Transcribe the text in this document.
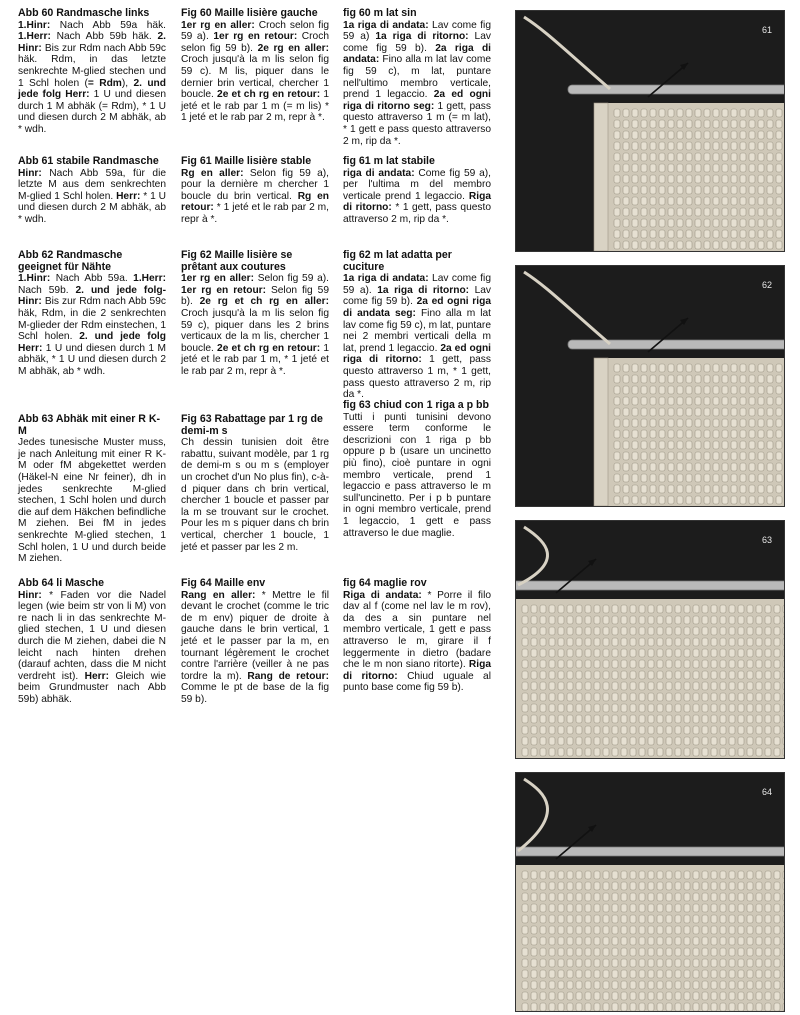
Abb 60 Randmasche links

1.Hinr: Nach Abb 59a häk. 1.Herr: Nach Abb 59b häk. 2. Hinr: Bis zur Rdm nach Abb 59c häk. Rdm, in das letzte senkrechte M-glied stechen und 1 Schl holen (= Rdm), 2. und jede folg Herr: 1 U und diesen durch 1 M abhäk (= Rdm), * 1 U und diesen durch 2 M abhäk, ab * wdh.

Abb 61 stabile Randmasche

Hinr: Nach Abb 59a, für die letzte M aus dem senkrechten M-glied 1 Schl holen. Herr: * 1 U und diesen durch 2 M abhäk, ab * wdh.

Abb 62 Randmasche geeignet für Nähte

1.Hinr: Nach Abb 59a. 1.Herr: Nach 59b. 2. und jede folg-Hinr: Bis zur Rdm nach Abb 59c häk, Rdm, in die 2 senkrechten M-glieder der Rdm einstechen, 1 Schl holen. 2. und jede folg Herr: 1 U und diesen durch 1 M abhäk, * 1 U und diesen durch 2 M abhäk, ab * wdh.

Abb 63 Abhäk mit einer R K-M

Jedes tunesische Muster muss, je nach Anleitung mit einer R K-M oder fM abgekettet werden (Häkel-N eine Nr feiner), dh in jedes senkrechte M-glied stechen, 1 Schl holen und durch die auf dem Häkchen befindliche M ziehen. Bei fM in jedes senkrechte M-glied stechen, 1 Schl holen, 1 U und durch beide M ziehen.

Abb 64 li Masche

Hinr: * Faden vor die Nadel legen (wie beim str von li M) von re nach li in das senkrechte M-glied stechen, 1 U und diesen durch die M ziehen, dabei die N leicht nach hinten drehen (darauf achten, dass die M nicht verdreht ist). Herr: Gleich wie beim Grundmuster nach Abb 59b) abhäk.

Fig 60 Maille lisière gauche

1er rg en aller: Croch selon fig 59 a). 1er rg en retour: Croch selon fig 59 b). 2e rg en aller: Croch jusqu'à la m lis selon fig 59 c). M lis, piquer dans le dernier brin vertical, chercher 1 boucle. 2e et ch rg en retour: 1 jeté et le rab par 1 m (= m lis) * 1 jeté et le rab par 2 m, repr à *.

Fig 61 Maille lisière stable

Rg en aller: Selon fig 59 a), pour la dernière m chercher 1 boucle du brin vertical. Rg en retour: * 1 jeté et le rab par 2 m, repr à *.

Fig 62 Maille lisière se prêtant aux coutures

1er rg en aller: Selon fig 59 a). 1er rg en retour: Selon fig 59 b). 2e rg et ch rg en aller: Croch jusqu'à la m lis selon fig 59 c), piquer dans les 2 brins verticaux de la m lis, chercher 1 boucle. 2e et ch rg en retour: 1 jeté et le rab par 1 m, * 1 jeté et le rab par 2 m, repr à *.

Fig 63 Rabattage par 1 rg de demi-m s

Ch dessin tunisien doit être rabattu, suivant modèle, par 1 rg de demi-m s ou m s (employer un crochet d'un No plus fin), c-à-d piquer dans ch brin vertical, chercher 1 boucle et passer par la m se trouvant sur le crochet. Pour les m s piquer dans ch brin vertical, chercher 1 boucle, 1 jeté et passer par les 2 m.

Fig 64 Maille env

Rang en aller: * Mettre le fil devant le crochet (comme le tric de m env) piquer de droite à gauche dans le brin vertical, 1 jeté et le passer par la m, en tournant légèrement le crochet contre l'arrière (veiller à ne pas tordre la m). Rang de retour: Comme le pt de base de la fig 59 b).

fig 60 m lat sin

1a riga di andata: Lav come fig 59 a) 1a riga di ritorno: Lav come fig 59 b). 2a riga di andata: Fino alla m lat lav come fig 59 c), m lat, puntare nell'ultimo membro verticale, prend 1 legaccio. 2a ed ogni riga di ritorno seg: 1 gett, pass questo attraverso 1 m (= m lat), * 1 gett e pass questo attraverso 2 m, rip da *.

fig 61 m lat stabile

riga di andata: Come fig 59 a), per l'ultima m del membro verticale prend 1 legaccio. Riga di ritorno: * 1 gett, pass questo attraverso 2 m, rip da *.

fig 62 m lat adatta per cuciture

1a riga di andata: Lav come fig 59 a). 1a riga di ritorno: Lav come fig 59 b). 2a ed ogni riga di andata seg: Fino alla m lat lav come fig 59 c), m lat, puntare nei 2 membri verticali della m lat, prend 1 legaccio. 2a ed ogni riga di ritorno: 1 gett, pass questo attraverso 1 m, * 1 gett, pass questo attraverso 2 m, rip da *.

fig 63 chiud con 1 riga a p bb

Tutti i punti tunisini devono essere term conforme le descrizioni con 1 riga p bb oppure p b (usare un uncinetto più fino), cioè puntare in ogni membro verticale, prend 1 legaccio e pass attraverso le m sull'uncinetto. Per i p b puntare in ogni membro verticale, prend 1 legaccio, 1 gett e pass attraverso le due maglie.

fig 64 maglie rov

Riga di andata: * Porre il filo dav al f (come nel lav le m rov), da des a sin puntare nel membro verticale, 1 gett e pass attraverso le m, girare il f leggermente in dietro (badare che le m non siano ritorte). Riga di ritorno: Chiud uguale al punto base come fig 59 b).

61
62
63
64
